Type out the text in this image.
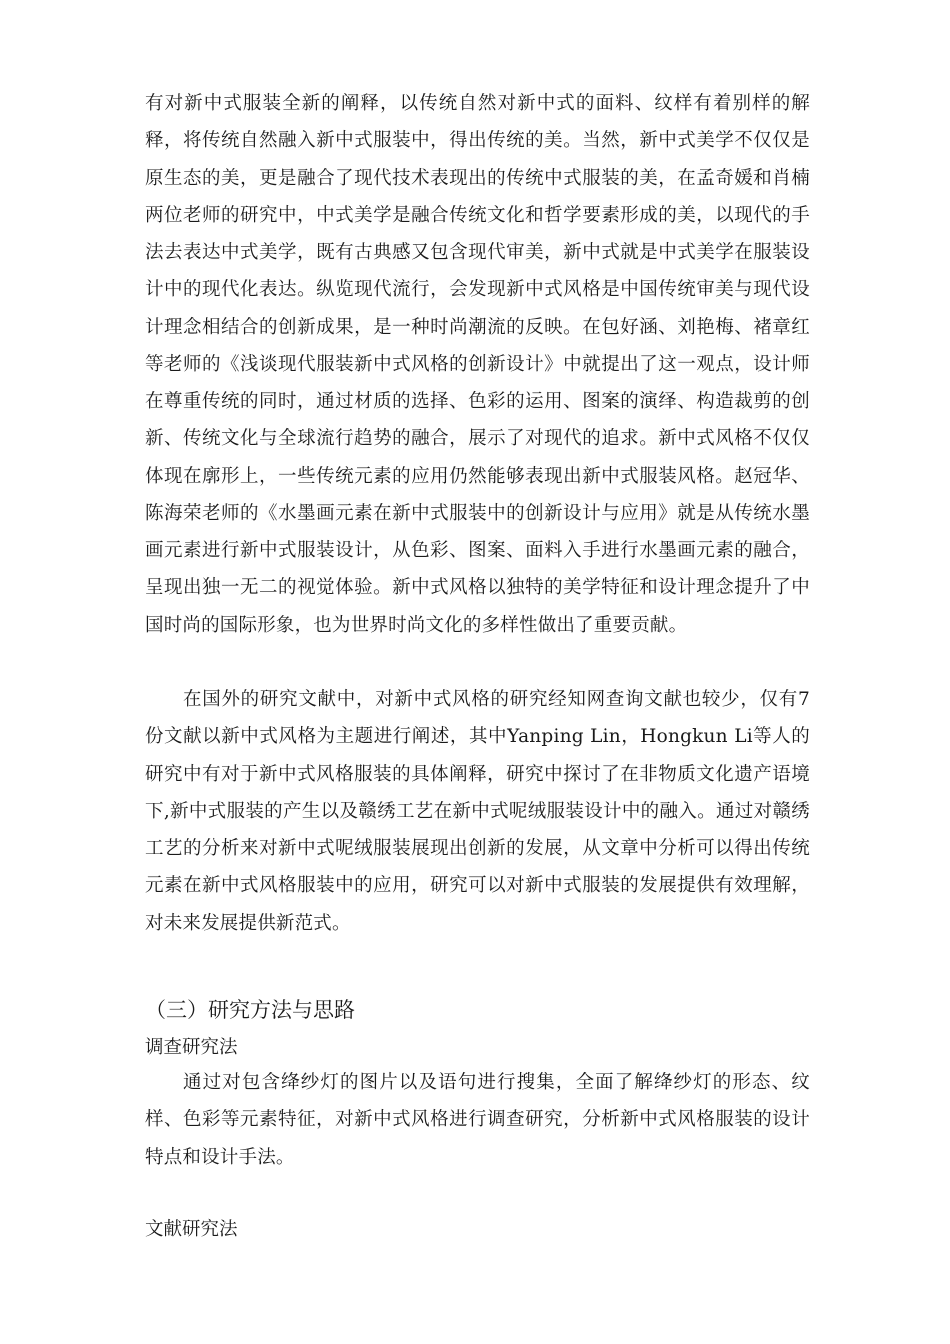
有对新中式服装全新的阐释，以传统自然对新中式的面料、纹样有着别样的解释，将传统自然融入新中式服装中，得出传统的美。当然，新中式美学不仅仅是原生态的美，更是融合了现代技术表现出的传统中式服装的美，在孟奇媛和肖楠两位老师的研究中，中式美学是融合传统文化和哲学要素形成的美，以现代的手法去表达中式美学，既有古典感又包含现代审美，新中式就是中式美学在服装设计中的现代化表达。纵览现代流行，会发现新中式风格是中国传统审美与现代设计理念相结合的创新成果，是一种时尚潮流的反映。在包好涵、刘艳梅、褚章红等老师的《浅谈现代服装新中式风格的创新设计》中就提出了这一观点，设计师在尊重传统的同时，通过材质的选择、色彩的运用、图案的演绎、构造裁剪的创新、传统文化与全球流行趋势的融合，展示了对现代的追求。新中式风格不仅仅体现在廓形上，一些传统元素的应用仍然能够表现出新中式服装风格。赵冠华、陈海荣老师的《水墨画元素在新中式服装中的创新设计与应用》就是从传统水墨画元素进行新中式服装设计，从色彩、图案、面料入手进行水墨画元素的融合，呈现出独一无二的视觉体验。新中式风格以独特的美学特征和设计理念提升了中国时尚的国际形象，也为世界时尚文化的多样性做出了重要贡献。

在国外的研究文献中，对新中式风格的研究经知网查询文献也较少，仅有7份文献以新中式风格为主题进行阐述，其中Yanping Lin，Hongkun Li等人的研究中有对于新中式风格服装的具体阐释，研究中探讨了在非物质文化遗产语境下,新中式服装的产生以及赣绣工艺在新中式呢绒服装设计中的融入。通过对赣绣工艺的分析来对新中式呢绒服装展现出创新的发展，从文章中分析可以得出传统元素在新中式风格服装中的应用，研究可以对新中式服装的发展提供有效理解，对未来发展提供新范式。

（三）研究方法与思路
调查研究法

通过对包含绛纱灯的图片以及语句进行搜集，全面了解绛纱灯的形态、纹样、色彩等元素特征，对新中式风格进行调查研究，分析新中式风格服装的设计特点和设计手法。

文献研究法
